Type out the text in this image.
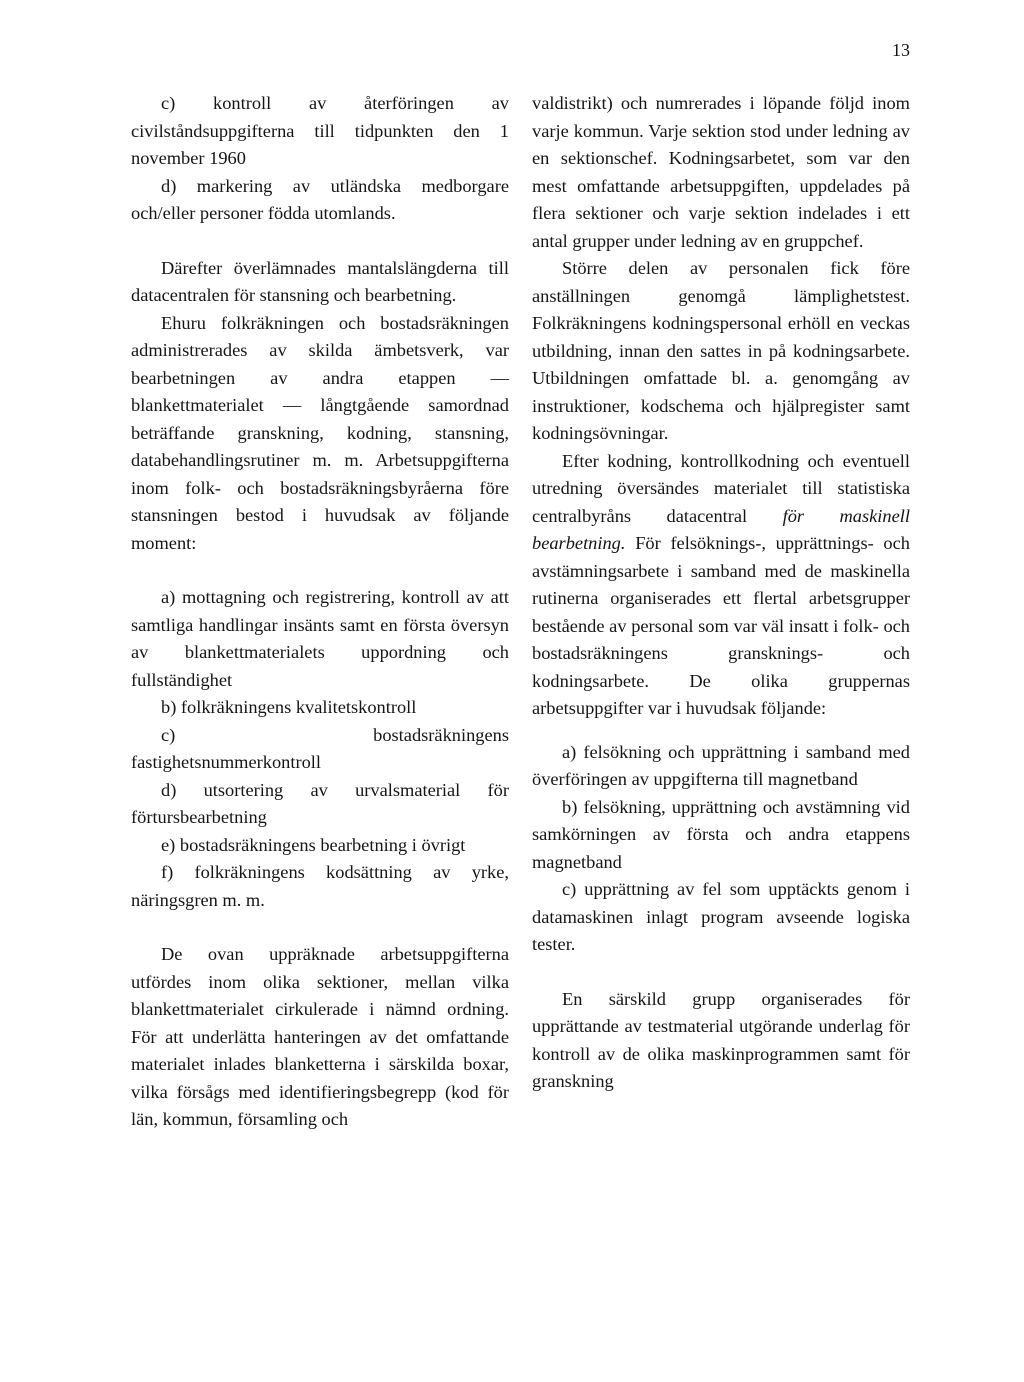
13

c) kontroll av återföringen av civilståndsuppgifterna till tidpunkten den 1 november 1960

d) markering av utländska medborgare och/eller personer födda utomlands.

Därefter överlämnades mantalslängderna till datacentralen för stansning och bearbetning.

Ehuru folkräkningen och bostadsräkningen administrerades av skilda ämbetsverk, var bearbetningen av andra etappen — blankettmaterialet — långtgående samordnad beträffande granskning, kodning, stansning, databehandlingsrutiner m. m. Arbetsuppgifterna inom folk- och bostadsräkningsbyråerna före stansningen bestod i huvudsak av följande moment:

a) mottagning och registrering, kontroll av att samtliga handlingar insänts samt en första översyn av blankettmaterialets uppordning och fullständighet

b) folkräkningens kvalitetskontroll

c) bostadsräkningens fastighetsnummerkontroll

d) utsortering av urvalsmaterial för förtursbearbetning

e) bostadsräkningens bearbetning i övrigt

f) folkräkningens kodsättning av yrke, näringsgren m. m.

De ovan uppräknade arbetsuppgifterna utfördes inom olika sektioner, mellan vilka blankettmaterialet cirkulerade i nämnd ordning. För att underlätta hanteringen av det omfattande materialet inlades blanketterna i särskilda boxar, vilka försågs med identifieringsbegrepp (kod för län, kommun, församling och

valdistrikt) och numrerades i löpande följd inom varje kommun. Varje sektion stod under ledning av en sektionschef. Kodningsarbetet, som var den mest omfattande arbetsuppgiften, uppdelades på flera sektioner och varje sektion indelades i ett antal grupper under ledning av en gruppchef.

Större delen av personalen fick före anställningen genomgå lämplighetstest. Folkräkningens kodningspersonal erhöll en veckas utbildning, innan den sattes in på kodningsarbete. Utbildningen omfattade bl. a. genomgång av instruktioner, kodschema och hjälpregister samt kodningsövningar.

Efter kodning, kontrollkodning och eventuell utredning översändes materialet till statistiska centralbyråns datacentral för maskinell bearbetning. För felsöknings-, upprättnings- och avstämningsarbete i samband med de maskinella rutinerna organiserades ett flertal arbetsgrupper bestående av personal som var väl insatt i folk- och bostadsräkningens gransknings- och kodningsarbete. De olika gruppernas arbetsuppgifter var i huvudsak följande:

a) felsökning och upprättning i samband med överföringen av uppgifterna till magnetband

b) felsökning, upprättning och avstämning vid samkörningen av första och andra etappens magnetband

c) upprättning av fel som upptäckts genom i datamaskinen inlagt program avseende logiska tester.

En särskild grupp organiserades för upprättande av testmaterial utgörande underlag för kontroll av de olika maskinprogrammen samt för granskning
